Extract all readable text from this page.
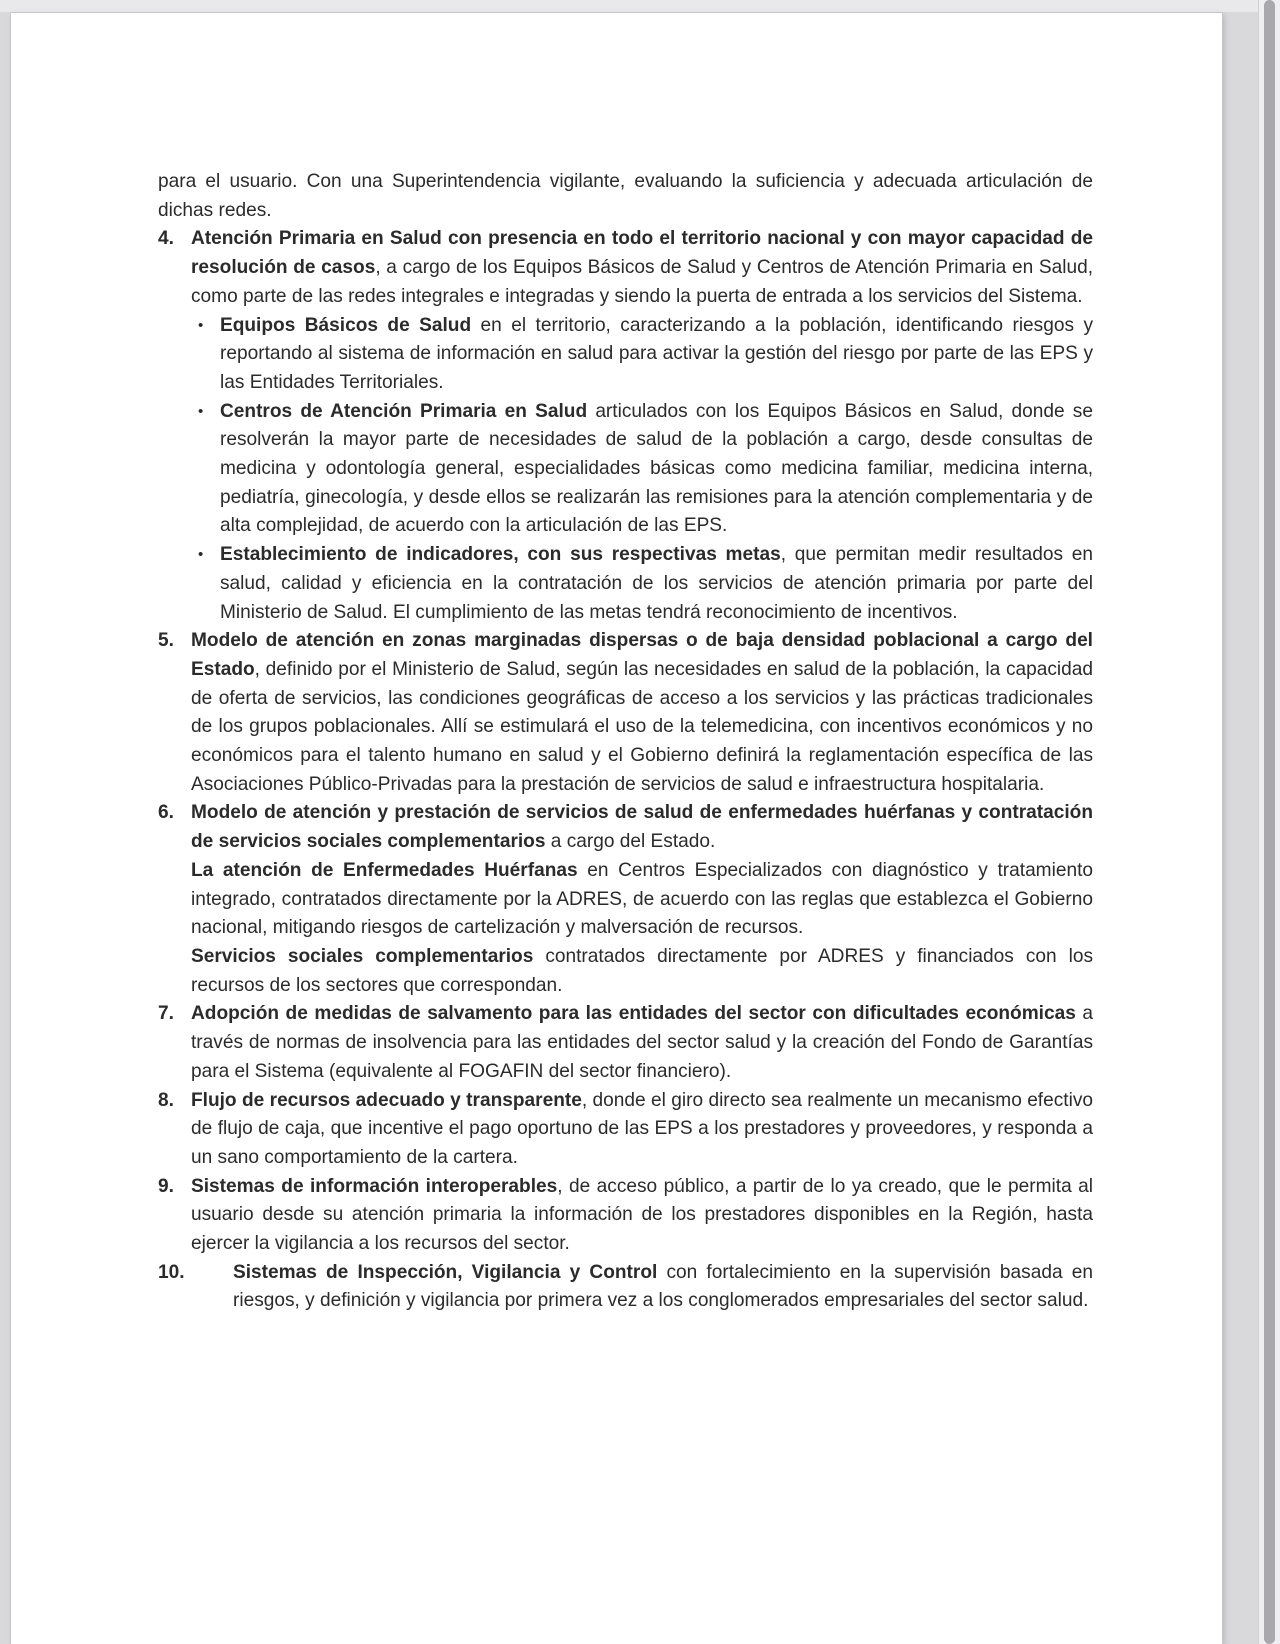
para el usuario. Con una Superintendencia vigilante, evaluando la suficiencia y adecuada articulación de dichas redes.

4. Atención Primaria en Salud con presencia en todo el territorio nacional y con mayor capacidad de resolución de casos, a cargo de los Equipos Básicos de Salud y Centros de Atención Primaria en Salud, como parte de las redes integrales e integradas y siendo la puerta de entrada a los servicios del Sistema.

• Equipos Básicos de Salud en el territorio, caracterizando a la población, identificando riesgos y reportando al sistema de información en salud para activar la gestión del riesgo por parte de las EPS y las Entidades Territoriales.

• Centros de Atención Primaria en Salud articulados con los Equipos Básicos en Salud, donde se resolverán la mayor parte de necesidades de salud de la población a cargo, desde consultas de medicina y odontología general, especialidades básicas como medicina familiar, medicina interna, pediatría, ginecología, y desde ellos se realizarán las remisiones para la atención complementaria y de alta complejidad, de acuerdo con la articulación de las EPS.

• Establecimiento de indicadores, con sus respectivas metas, que permitan medir resultados en salud, calidad y eficiencia en la contratación de los servicios de atención primaria por parte del Ministerio de Salud. El cumplimiento de las metas tendrá reconocimiento de incentivos.

5. Modelo de atención en zonas marginadas dispersas o de baja densidad poblacional a cargo del Estado, definido por el Ministerio de Salud, según las necesidades en salud de la población, la capacidad de oferta de servicios, las condiciones geográficas de acceso a los servicios y las prácticas tradicionales de los grupos poblacionales. Allí se estimulará el uso de la telemedicina, con incentivos económicos y no económicos para el talento humano en salud y el Gobierno definirá la reglamentación específica de las Asociaciones Público-Privadas para la prestación de servicios de salud e infraestructura hospitalaria.

6. Modelo de atención y prestación de servicios de salud de enfermedades huérfanas y contratación de servicios sociales complementarios a cargo del Estado.

La atención de Enfermedades Huérfanas en Centros Especializados con diagnóstico y tratamiento integrado, contratados directamente por la ADRES, de acuerdo con las reglas que establezca el Gobierno nacional, mitigando riesgos de cartelización y malversación de recursos.

Servicios sociales complementarios contratados directamente por ADRES y financiados con los recursos de los sectores que correspondan.

7. Adopción de medidas de salvamento para las entidades del sector con dificultades económicas a través de normas de insolvencia para las entidades del sector salud y la creación del Fondo de Garantías para el Sistema (equivalente al FOGAFIN del sector financiero).

8. Flujo de recursos adecuado y transparente, donde el giro directo sea realmente un mecanismo efectivo de flujo de caja, que incentive el pago oportuno de las EPS a los prestadores y proveedores, y responda a un sano comportamiento de la cartera.

9. Sistemas de información interoperables, de acceso público, a partir de lo ya creado, que le permita al usuario desde su atención primaria la información de los prestadores disponibles en la Región, hasta ejercer la vigilancia a los recursos del sector.

10.	Sistemas de Inspección, Vigilancia y Control con fortalecimiento en la supervisión basada en riesgos, y definición y vigilancia por primera vez a los conglomerados empresariales del sector salud.
